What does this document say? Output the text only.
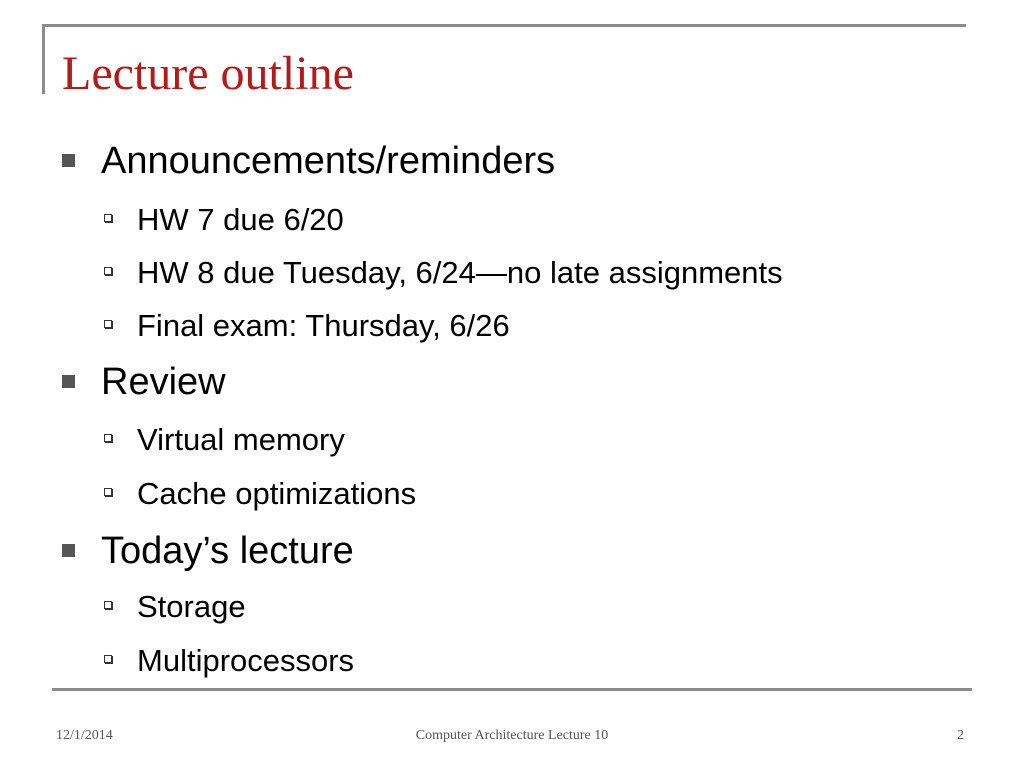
Lecture outline
Announcements/reminders
HW 7 due 6/20
HW 8 due Tuesday, 6/24—no late assignments
Final exam: Thursday, 6/26
Review
Virtual memory
Cache optimizations
Today’s lecture
Storage
Multiprocessors
12/1/2014	Computer Architecture Lecture 10	2
